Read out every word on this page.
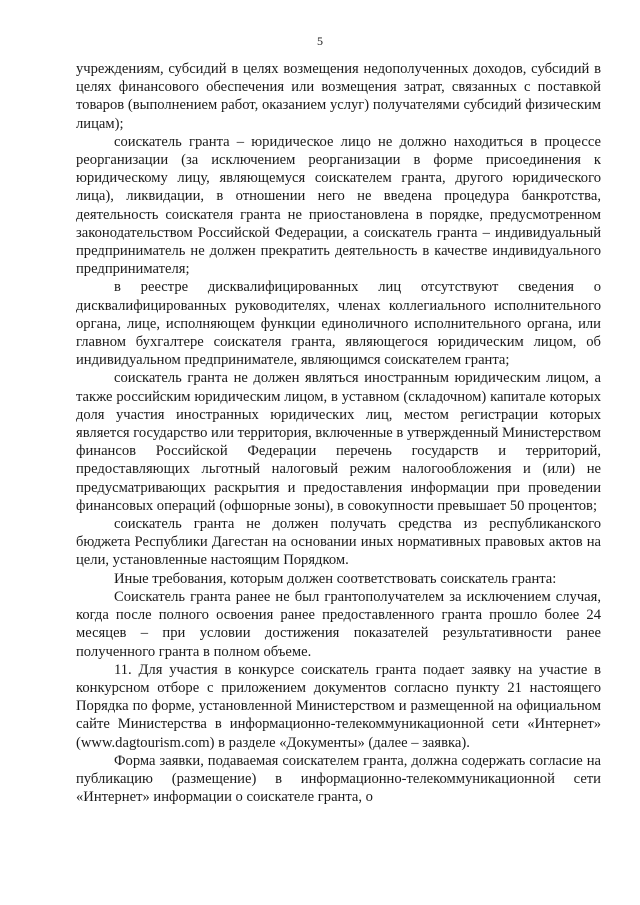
5

учреждениям, субсидий в целях возмещения недополученных доходов, субсидий в целях финансового обеспечения или возмещения затрат, связанных с поставкой товаров (выполнением работ, оказанием услуг) получателями субсидий физическим лицам);

соискатель гранта – юридическое лицо не должно находиться в процессе реорганизации (за исключением реорганизации в форме присоединения к юридическому лицу, являющемуся соискателем гранта, другого юридического лица), ликвидации, в отношении него не введена процедура банкротства, деятельность соискателя гранта не приостановлена в порядке, предусмотренном законодательством Российской Федерации, а соискатель гранта – индивидуальный предприниматель не должен прекратить деятельность в качестве индивидуального предпринимателя;

в реестре дисквалифицированных лиц отсутствуют сведения о дисквалифицированных руководителях, членах коллегиального исполнительного органа, лице, исполняющем функции единоличного исполнительного органа, или главном бухгалтере соискателя гранта, являющегося юридическим лицом, об индивидуальном предпринимателе, являющимся соискателем гранта;

соискатель гранта не должен являться иностранным юридическим лицом, а также российским юридическим лицом, в уставном (складочном) капитале которых доля участия иностранных юридических лиц, местом регистрации которых является государство или территория, включенные в утвержденный Министерством финансов Российской Федерации перечень государств и территорий, предоставляющих льготный налоговый режим налогообложения и (или) не предусматривающих раскрытия и предоставления информации при проведении финансовых операций (офшорные зоны), в совокупности превышает 50 процентов;

соискатель гранта не должен получать средства из республиканского бюджета Республики Дагестан на основании иных нормативных правовых актов на цели, установленные настоящим Порядком.

Иные требования, которым должен соответствовать соискатель гранта:

Соискатель гранта ранее не был грантополучателем за исключением случая, когда после полного освоения ранее предоставленного гранта прошло более 24 месяцев – при условии достижения показателей результативности ранее полученного гранта в полном объеме.

11. Для участия в конкурсе соискатель гранта подает заявку на участие в конкурсном отборе с приложением документов согласно пункту 21 настоящего Порядка по форме, установленной Министерством и размещенной на официальном сайте Министерства в информационно-телекоммуникационной сети «Интернет» (www.dagtourism.com) в разделе «Документы» (далее – заявка).

Форма заявки, подаваемая соискателем гранта, должна содержать согласие на публикацию (размещение) в информационно-телекоммуникационной сети «Интернет» информации о соискателе гранта, о
